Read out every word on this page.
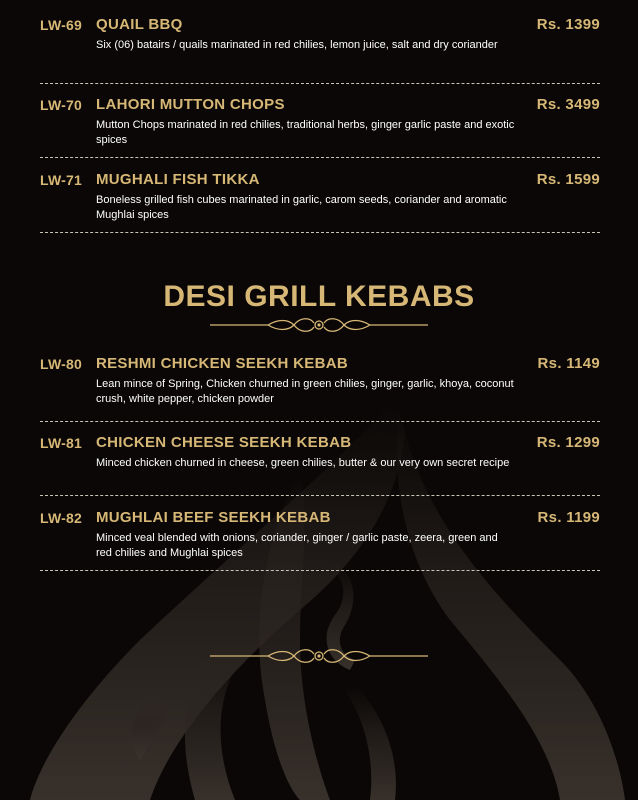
LW-69 QUAIL BBQ	Rs. 1399
Six (06) batairs / quails marinated in red chilies, lemon juice, salt and dry coriander
LW-70 LAHORI MUTTON CHOPS	Rs. 3499
Mutton Chops marinated in red chilies, traditional herbs, ginger garlic paste and exotic spices
LW-71 MUGHALI FISH TIKKA	Rs. 1599
Boneless grilled fish cubes marinated in garlic, carom seeds, coriander and aromatic Mughlai spices
DESI GRILL KEBABS
LW-80 RESHMI CHICKEN SEEKH KEBAB	Rs. 1149
Lean mince of Spring, Chicken churned in green chilies, ginger, garlic, khoya, coconut crush, white pepper, chicken powder
LW-81 CHICKEN CHEESE SEEKH KEBAB	Rs. 1299
Minced chicken churned in cheese, green chilies, butter & our very own secret recipe
LW-82 MUGHLAI BEEF SEEKH KEBAB	Rs. 1199
Minced veal blended with onions, coriander, ginger / garlic paste, zeera, green and red chilies and Mughlai spices
